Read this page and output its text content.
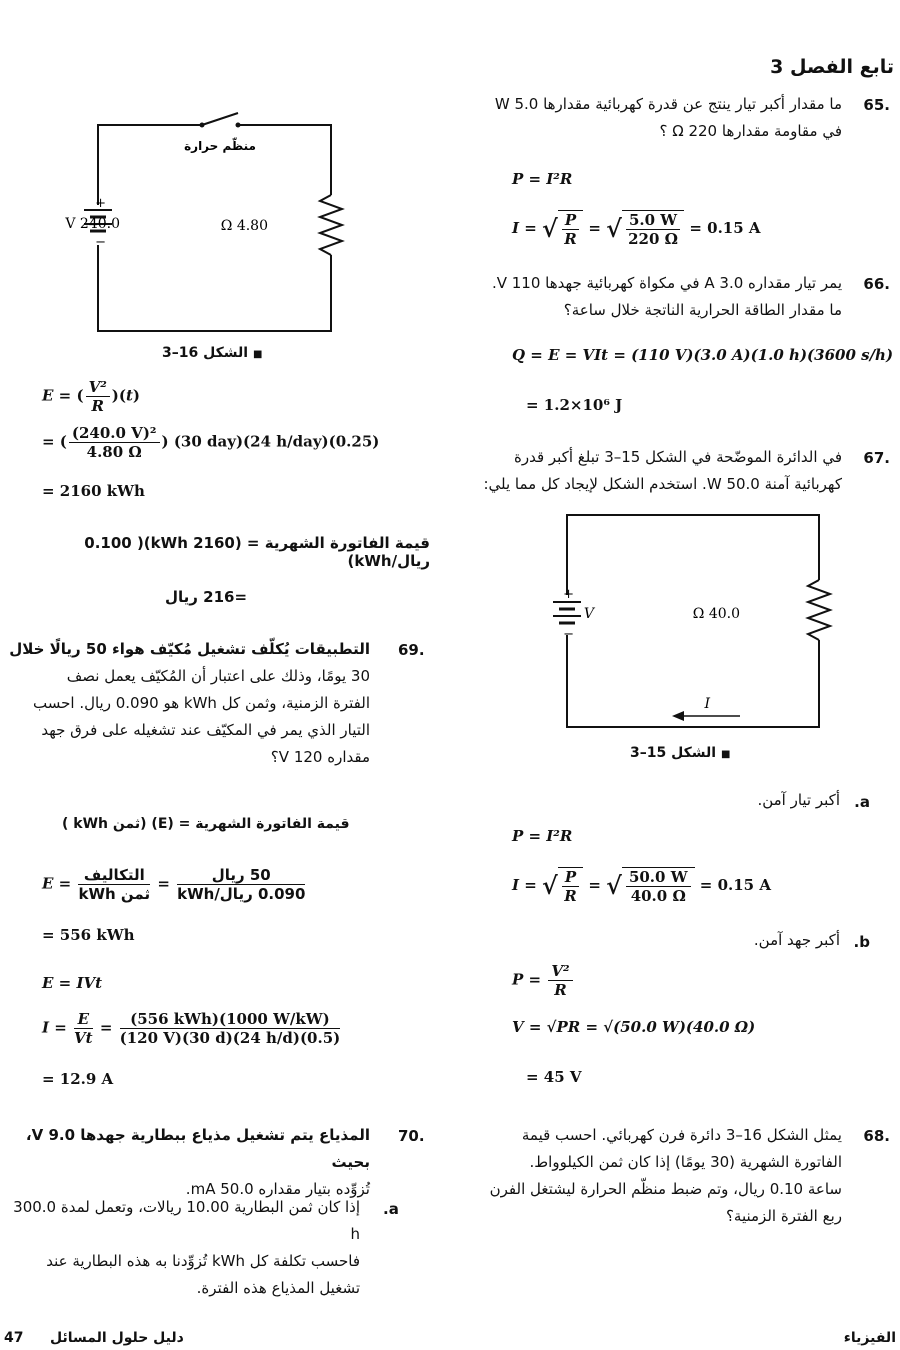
تابع الفصل 3
.65
ما مقدار أكبر تيار ينتج عن قدرة كهربائية مقدارها 5.0 W
في مقاومة مقدارها 220 Ω ؟
P = I²R
I = √ $\frac{P}{R}$ = √ $\frac{5.0 W}{220 \Omega} = 0.15$ A
.66
يمر تيار مقداره 3.0 A في مكواة كهربائية جهدها 110 V.
ما مقدار الطاقة الحرارية الناتجة خلال ساعة؟
Q = E = VIt = (110 V)(3.0 A)(1.0 h)(3600 s/h)
= 1.2×10⁶ J
.67
في الدائرة الموضّحة في الشكل 15–3 تبلغ أكبر قدرة
كهربائية آمنة 50.0 W. استخدم الشكل لإيجاد كل مما يلي:
+
−
V	40.0 Ω
I
■ الشكل 15–3
a.
أكبر تيار آمن.
P = I²R
I = √ $\frac{P}{R}$ = √ $\frac{50.0 W}{40.0 \Omega} = 0.15$ A
b.
أكبر جهد آمن.
$P = \frac{\text{V²}}{R}$
V = √PR = √(50.0 W)(40.0 Ω)
= 45 V
.68
يمثل الشكل 16–3 دائرة فرن كهربائي. احسب قيمة
الفاتورة الشهرية (30 يومًا) إذا كان ثمن الكيلوواط.
ساعة 0.10 ريال، وتم ضبط منظّم الحرارة ليشتغل الفرن
ربع الفترة الزمنية؟
منظّم حرارة
+
−
240.0 V	4.80 Ω
■ الشكل 16–3
E = ( $\frac{\text{V²}}{R} )(t)$
= ( $\frac{\text{(240.0 V)²}}{4.80 \Omega}$ ) (30 day)(24 h/day)(0.25)
= 2160 kWh
قيمة الفاتورة الشهرية = (2160 kWh)( 0.100 ريال/kWh)
=216 ريال
.69
التطبيقات يُكلّف تشغيل مُكيّف هواء 50 ريالًا خلال
30 يومًا، وذلك على اعتبار أن المُكيّف يعمل نصف
الفترة الزمنية، وثمن كل kWh هو 0.090 ريال. احسب
التيار الذي يمر في المكيّف عند تشغيله على فرق جهد
مقداره 120 V؟
قيمة الفاتورة الشهرية = (E) (ثمن kWh )
$E = \frac{\text{التكاليف}}{\text{ثمن kWh}} = \frac{\text{50 ريال}}{\text{0.090 ريال/kWh}}$
= 556 kWh
E = IVt
$I = \frac{E}{Vt} = \frac{\text{(556 kWh)(1000 W/kW)}}{(120 V)(30 d)(24 h/d)(0.5)}$
= 12.9 A
.70
المذياع يتم تشغيل مذياع ببطارية جهدها 9.0 V، بحيث
تُزوِّده بتيار مقداره 50.0 mA.
a.
إذا كان ثمن البطارية 10.00 ريالات، وتعمل لمدة 300.0 h
فاحسب تكلفة كل kWh تُزوِّدنا به هذه البطارية عند
تشغيل المذياع هذه الفترة.
47 دليل حلول المسائل	الفيزياء
